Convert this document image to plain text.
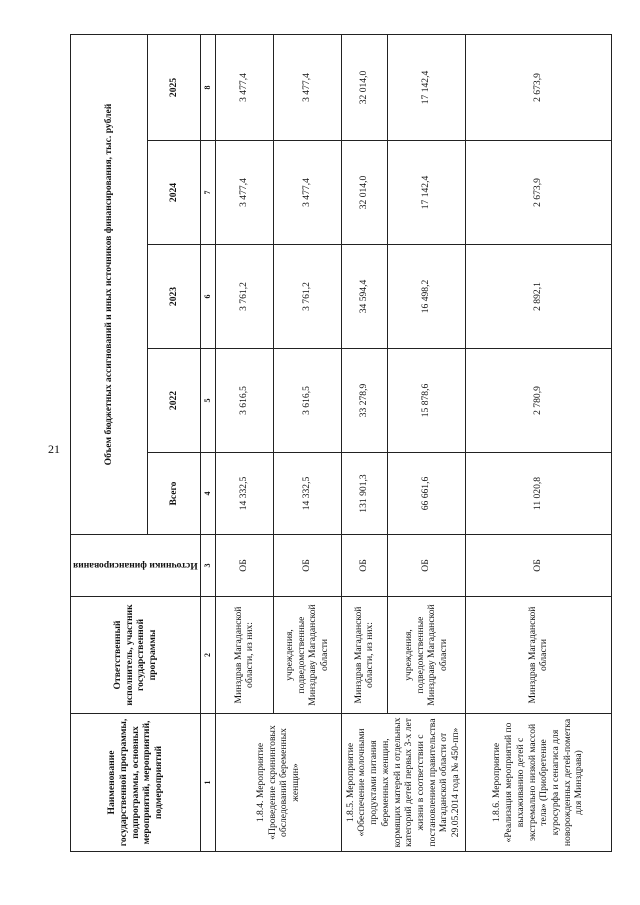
21
Наименование государственной программы, подпрограммы, основных мероприятий, мероприятий, подмероприятий	Ответственный исполнитель, участник государственной программы	Источники финансирования	Объем бюджетных ассигнований и иных источников финансирования, тыс. рублей				
			Всего	2022	2023	2024	2025
1	2	3	4	5	6	7	8
1.8.4. Мероприятие «Проведение скрининговых обследований беременных женщин»	Минздрав Магаданской области, из них:	ОБ	14 332,5	3 616,5	3 761,2	3 477,4	3 477,4
	учреждения, подведомственные Минздраву Магаданской области	ОБ	14 332,5	3 616,5	3 761,2	3 477,4	3 477,4
1.8.5. Мероприятие «Обеспечение молочными продуктами питания беременных женщин, кормящих матерей и отдельных категорий детей первых 3-х лет жизни в соответствии с постановлением правительства Магаданской области от 29.05.2014 года № 450-пп»	Минздрав Магаданской области, из них:	ОБ	131 901,3	33 278,9	34 594,4	32 014,0	32 014,0
	учреждения, подведомственные Минздраву Магаданской области	ОБ	66 661,6	15 878,6	16 498,2	17 142,4	17 142,4
1.8.6. Мероприятие «Реализация мероприятий по выхаживанию детей с экстремально низкой массой тела» (Приобретение куросурфа и сенагиса для новорожденных детей-пометка для Минздрава)	Минздрав Магаданской области	ОБ	11 020,8	2 780,9	2 892,1	2 673,9	2 673,9
